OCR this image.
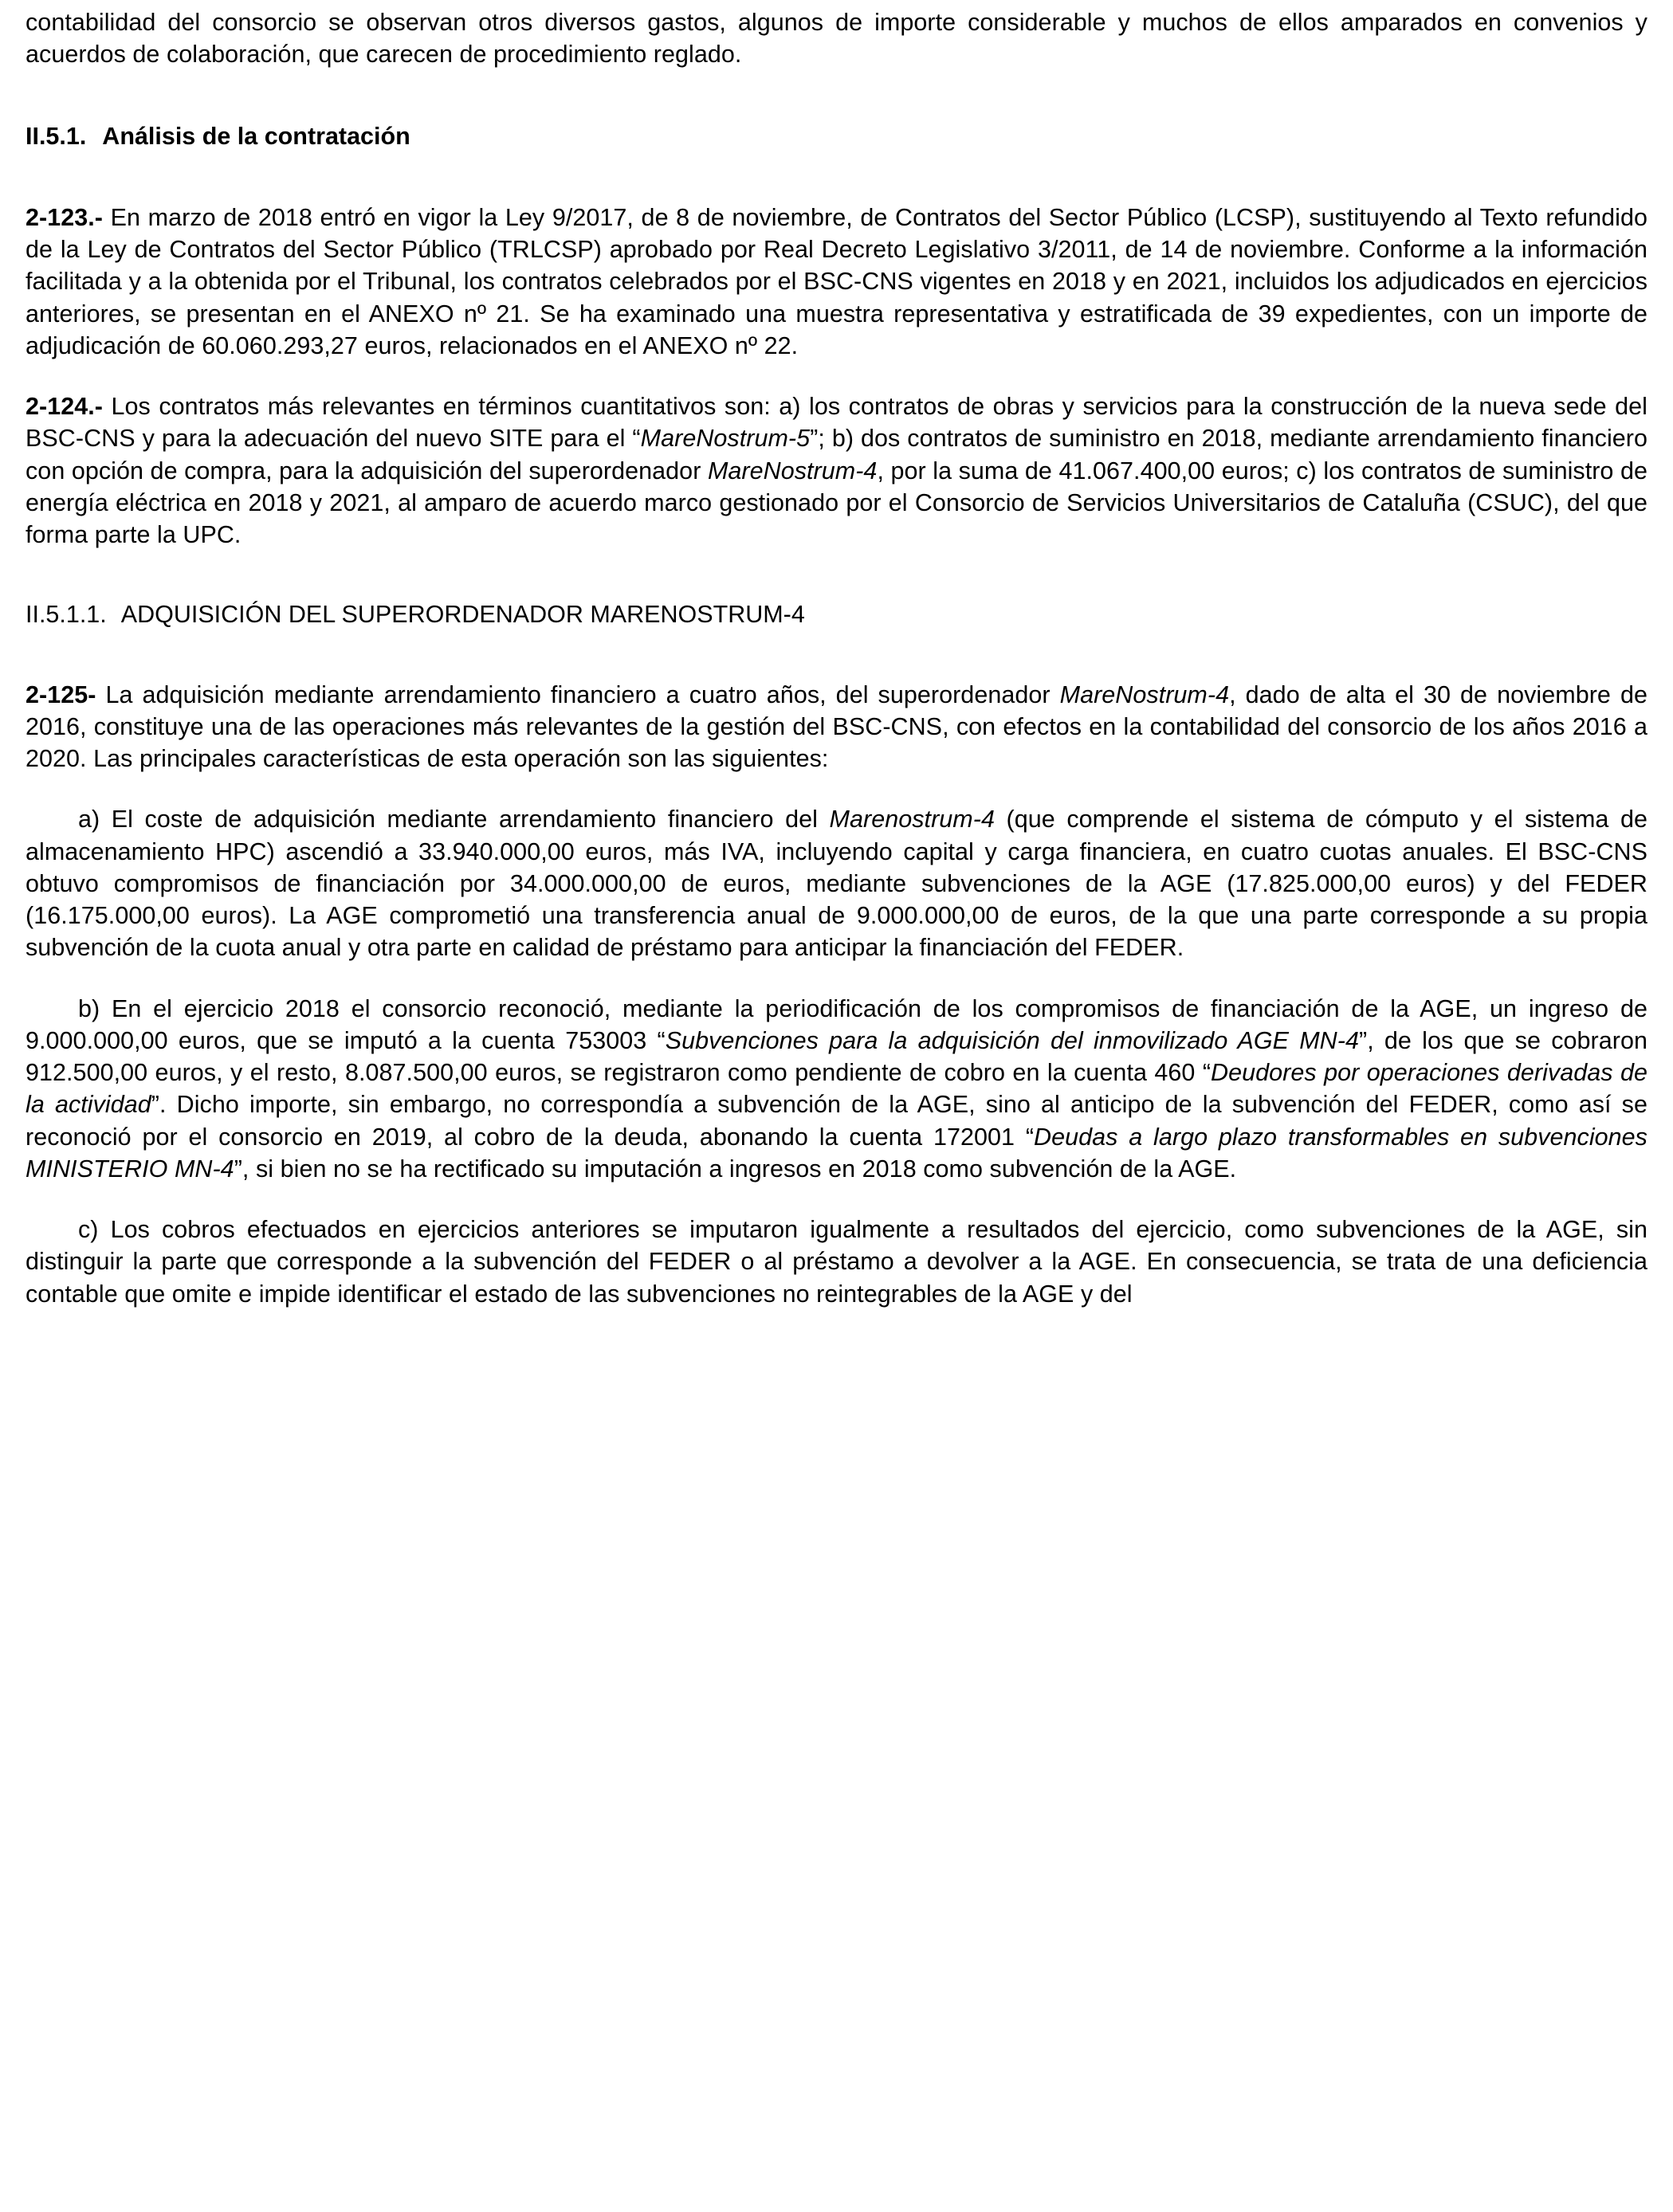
contabilidad del consorcio se observan otros diversos gastos, algunos de importe considerable y muchos de ellos amparados en convenios y acuerdos de colaboración, que carecen de procedimiento reglado.

II.5.1. Análisis de la contratación

2-123.- En marzo de 2018 entró en vigor la Ley 9/2017, de 8 de noviembre, de Contratos del Sector Público (LCSP), sustituyendo al Texto refundido de la Ley de Contratos del Sector Público (TRLCSP) aprobado por Real Decreto Legislativo 3/2011, de 14 de noviembre. Conforme a la información facilitada y a la obtenida por el Tribunal, los contratos celebrados por el BSC-CNS vigentes en 2018 y en 2021, incluidos los adjudicados en ejercicios anteriores, se presentan en el ANEXO nº 21. Se ha examinado una muestra representativa y estratificada de 39 expedientes, con un importe de adjudicación de 60.060.293,27 euros, relacionados en el ANEXO nº 22.

2-124.- Los contratos más relevantes en términos cuantitativos son: a) los contratos de obras y servicios para la construcción de la nueva sede del BSC-CNS y para la adecuación del nuevo SITE para el “MareNostrum-5”; b) dos contratos de suministro en 2018, mediante arrendamiento financiero con opción de compra, para la adquisición del superordenador MareNostrum-4, por la suma de 41.067.400,00 euros; c) los contratos de suministro de energía eléctrica en 2018 y 2021, al amparo de acuerdo marco gestionado por el Consorcio de Servicios Universitarios de Cataluña (CSUC), del que forma parte la UPC.

II.5.1.1. ADQUISICIÓN DEL SUPERORDENADOR MARENOSTRUM-4

2-125- La adquisición mediante arrendamiento financiero a cuatro años, del superordenador MareNostrum-4, dado de alta el 30 de noviembre de 2016, constituye una de las operaciones más relevantes de la gestión del BSC-CNS, con efectos en la contabilidad del consorcio de los años 2016 a 2020. Las principales características de esta operación son las siguientes:

a) El coste de adquisición mediante arrendamiento financiero del Marenostrum-4 (que comprende el sistema de cómputo y el sistema de almacenamiento HPC) ascendió a 33.940.000,00 euros, más IVA, incluyendo capital y carga financiera, en cuatro cuotas anuales. El BSC-CNS obtuvo compromisos de financiación por 34.000.000,00 de euros, mediante subvenciones de la AGE (17.825.000,00 euros) y del FEDER (16.175.000,00 euros). La AGE comprometió una transferencia anual de 9.000.000,00 de euros, de la que una parte corresponde a su propia subvención de la cuota anual y otra parte en calidad de préstamo para anticipar la financiación del FEDER.

b) En el ejercicio 2018 el consorcio reconoció, mediante la periodificación de los compromisos de financiación de la AGE, un ingreso de 9.000.000,00 euros, que se imputó a la cuenta 753003 “Subvenciones para la adquisición del inmovilizado AGE MN-4”, de los que se cobraron 912.500,00 euros, y el resto, 8.087.500,00 euros, se registraron como pendiente de cobro en la cuenta 460 “Deudores por operaciones derivadas de la actividad”. Dicho importe, sin embargo, no correspondía a subvención de la AGE, sino al anticipo de la subvención del FEDER, como así se reconoció por el consorcio en 2019, al cobro de la deuda, abonando la cuenta 172001 “Deudas a largo plazo transformables en subvenciones MINISTERIO MN-4”, si bien no se ha rectificado su imputación a ingresos en 2018 como subvención de la AGE.

c) Los cobros efectuados en ejercicios anteriores se imputaron igualmente a resultados del ejercicio, como subvenciones de la AGE, sin distinguir la parte que corresponde a la subvención del FEDER o al préstamo a devolver a la AGE. En consecuencia, se trata de una deficiencia contable que omite e impide identificar el estado de las subvenciones no reintegrables de la AGE y del
